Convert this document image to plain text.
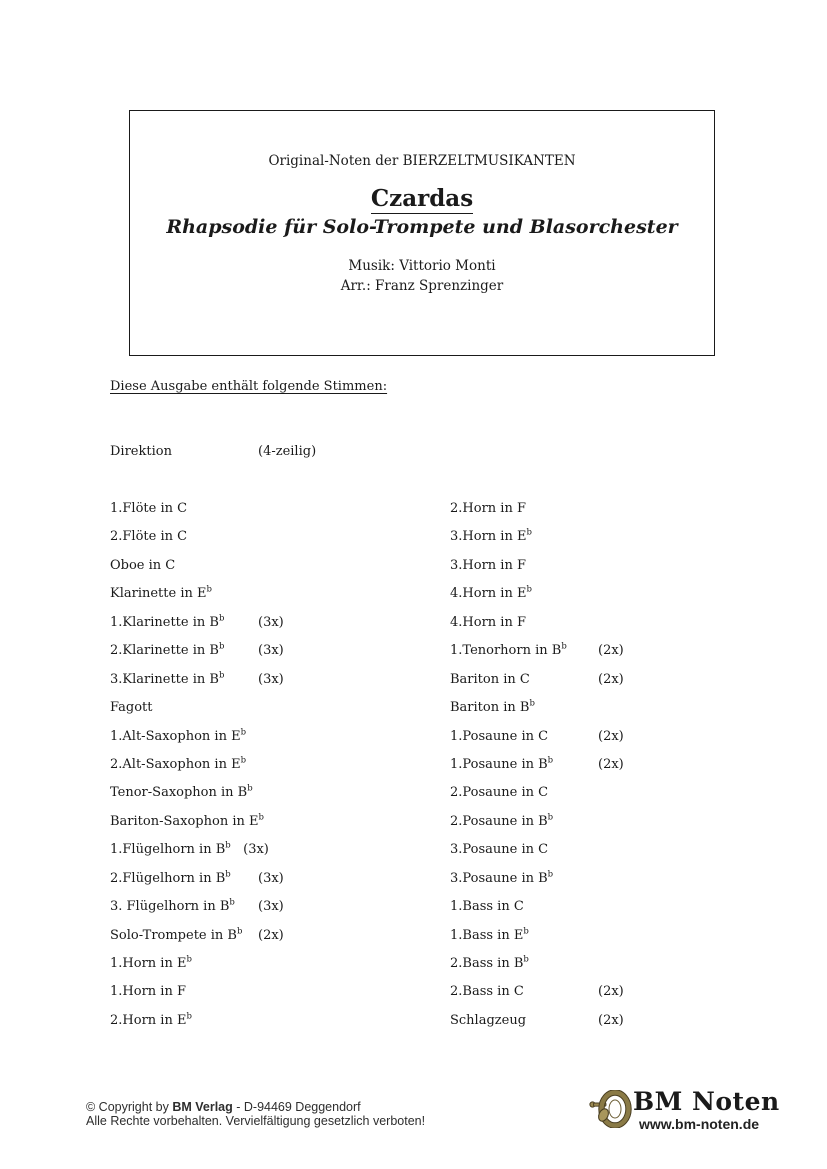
Original-Noten der BIERZELTMUSIKANTEN
Czardas
Rhapsodie für Solo-Trompete und Blasorchester
Musik: Vittorio Monti
Arr.: Franz Sprenzinger
Diese Ausgabe enthält folgende Stimmen:
Direktion	(4-zeilig)
1.Flöte in C
2.Flöte in C
Oboe in C
Klarinette in $E^b$
1.Klarinette in $B^b$	(3x)
2.Klarinette in $B^b$	(3x)
3.Klarinette in $B^b$	(3x)
Fagott
1.Alt-Saxophon in $E^b$
2.Alt-Saxophon in $E^b$
Tenor-Saxophon in $B^b$
Bariton-Saxophon in $E^b$
1.Flügelhorn in $B^b$   (3x)
2.Flügelhorn in $B^b$	(3x)
3. Flügelhorn in $B^b$	(3x)
Solo-Trompete in $B^b$	(2x)
1.Horn in $E^b$
1.Horn in F
2.Horn in $E^b$
2.Horn in F
3.Horn in $E^b$
3.Horn in F
4.Horn in $E^b$
4.Horn in F
1.Tenorhorn in $B^b$	(2x)
Bariton in C	(2x)
Bariton in $B^b$
1.Posaune in C	(2x)
1.Posaune in $B^b$	(2x)
2.Posaune in C
2.Posaune in $B^b$
3.Posaune in C
3.Posaune in $B^b$
1.Bass in C
1.Bass in $E^b$
2.Bass in $B^b$
2.Bass in C	(2x)
Schlagzeug	(2x)
© Copyright by BM Verlag - D-94469 Deggendorf
Alle Rechte vorbehalten. Vervielfältigung gesetzlich verboten!
BM Noten
www.bm-noten.de
